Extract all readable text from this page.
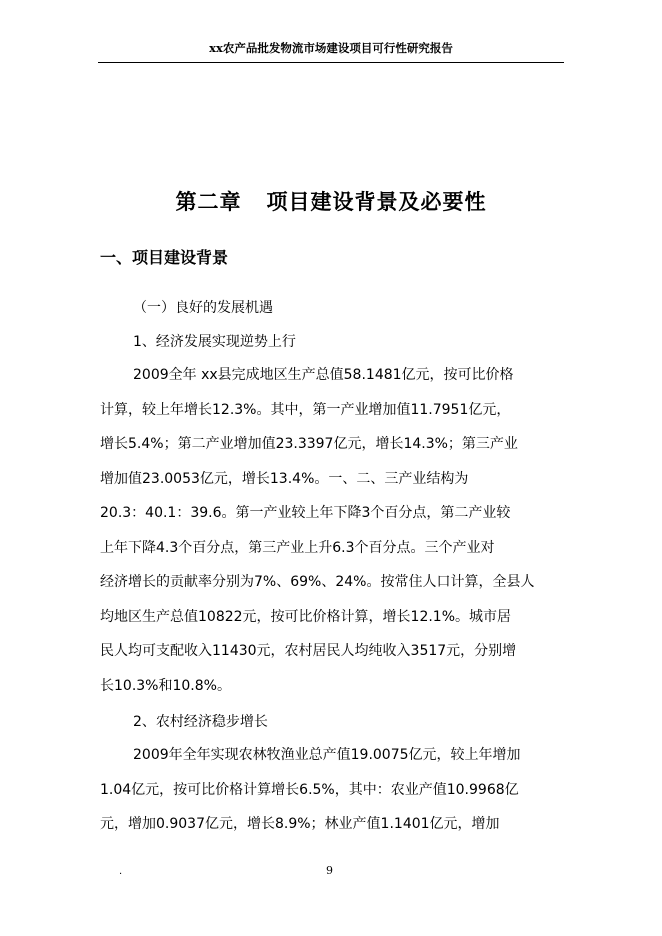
xx农产品批发物流市场建设项目可行性研究报告
第二章   项目建设背景及必要性
一、项目建设背景
（一）良好的发展机遇
1、经济发展实现逆势上行
2009全年 xx县完成地区生产总值58.1481亿元，按可比价格
计算，较上年增长12.3%。其中，第一产业增加值11.7951亿元，
增长5.4%；第二产业增加值23.3397亿元，增长14.3%；第三产业
增加值23.0053亿元，增长13.4%。一、二、三产业结构为
20.3：40.1：39.6。第一产业较上年下降3个百分点，第二产业较
上年下降4.3个百分点，第三产业上升6.3个百分点。三个产业对
经济增长的贡献率分别为7%、69%、24%。按常住人口计算，全县人
均地区生产总值10822元，按可比价格计算，增长12.1%。城市居
民人均可支配收入11430元，农村居民人均纯收入3517元，分别增
长10.3%和10.8%。
2、农村经济稳步增长
2009年全年实现农林牧渔业总产值19.0075亿元，较上年增加
1.04亿元，按可比价格计算增长6.5%，其中：农业产值10.9968亿
元，增加0.9037亿元，增长8.9%；林业产值1.1401亿元，增加
.	9
